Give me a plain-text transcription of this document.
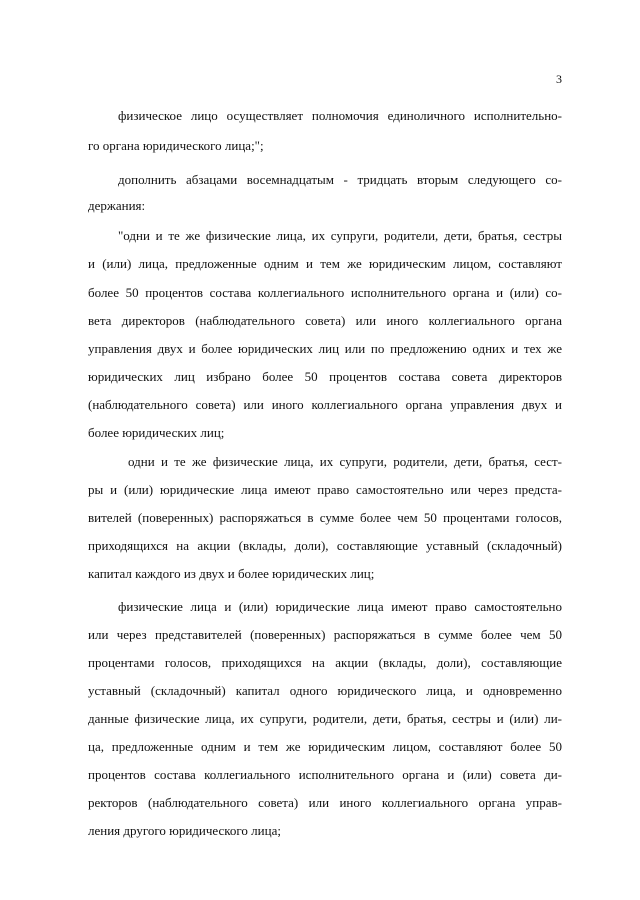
3
физическое лицо осуществляет полномочия единоличного исполнительно-
го органа юридического лица;";
дополнить абзацами восемнадцатым - тридцать вторым следующего со-
держания:
"одни и те же физические лица, их супруги, родители, дети, братья, сестры
и (или) лица, предложенные одним и тем же юридическим лицом, составляют
более 50 процентов состава коллегиального исполнительного органа и (или) со-
вета директоров (наблюдательного совета) или иного коллегиального органа
управления двух и более юридических лиц или по предложению одних и тех же
юридических лиц избрано более 50 процентов состава совета директоров
(наблюдательного совета) или иного коллегиального органа управления двух и
более юридических лиц;
одни и те же физические лица, их супруги, родители, дети, братья, сест-
ры и (или) юридические лица имеют право самостоятельно или через предста-
вителей (поверенных) распоряжаться в сумме более чем 50 процентами голосов,
приходящихся на акции (вклады, доли), составляющие уставный (складочный)
капитал каждого из двух и более юридических лиц;
физические лица и (или) юридические лица имеют право самостоятельно
или через представителей (поверенных) распоряжаться в сумме более чем 50
процентами голосов, приходящихся на акции (вклады, доли), составляющие
уставный (складочный) капитал одного юридического лица, и одновременно
данные физические лица, их супруги, родители, дети, братья, сестры и (или) ли-
ца, предложенные одним и тем же юридическим лицом, составляют более 50
процентов состава коллегиального исполнительного органа и (или) совета ди-
ректоров (наблюдательного совета) или иного коллегиального органа управ-
ления другого юридического лица;
